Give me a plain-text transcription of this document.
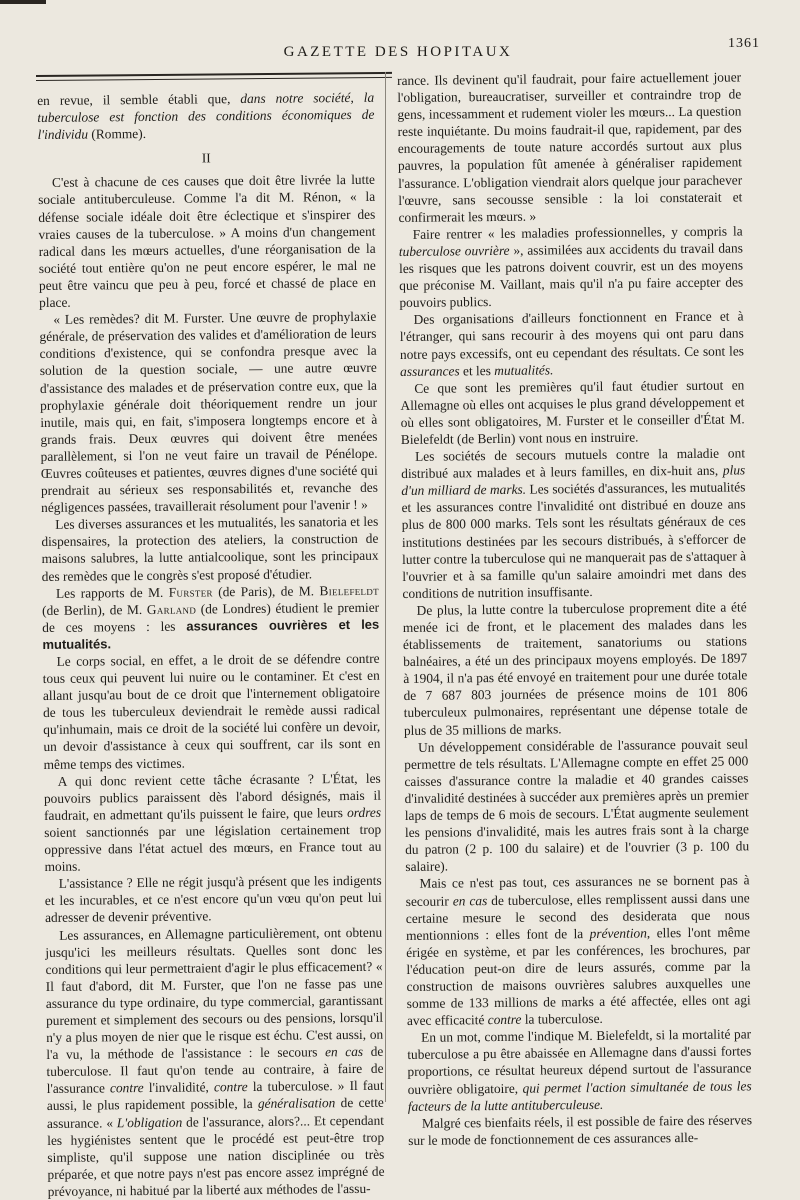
GAZETTE DES HOPITAUX
1361

en revue, il semble établi que, dans notre société, la tuberculose est fonction des conditions économiques de l'individu (Romme).

II

C'est à chacune de ces causes que doit être livrée la lutte sociale antituberculeuse. Comme l'a dit M. Rénon, « la défense sociale idéale doit être éclectique et s'inspirer des vraies causes de la tuberculose. » A moins d'un changement radical dans les mœurs actuelles, d'une réorganisation de la société tout entière qu'on ne peut encore espérer, le mal ne peut être vaincu que peu à peu, forcé et chassé de place en place.

« Les remèdes? dit M. Furster. Une œuvre de prophylaxie générale, de préservation des valides et d'amélioration de leurs conditions d'existence, qui se confondra presque avec la solution de la question sociale, — une autre œuvre d'assistance des malades et de préservation contre eux, que la prophylaxie générale doit théoriquement rendre un jour inutile, mais qui, en fait, s'imposera longtemps encore et à grands frais. Deux œuvres qui doivent être menées parallèlement, si l'on ne veut faire un travail de Pénélope. Œuvres coûteuses et patientes, œuvres dignes d'une société qui prendrait au sérieux ses responsabilités et, revanche des négligences passées, travaillerait résolument pour l'avenir ! »

Les diverses assurances et les mutualités, les sanatoria et les dispensaires, la protection des ateliers, la construction de maisons salubres, la lutte antialcoolique, sont les principaux des remèdes que le congrès s'est proposé d'étudier.

Les rapports de M. Furster (de Paris), de M. Bielefeldt (de Berlin), de M. Garland (de Londres) étudient le premier de ces moyens : les assurances ouvrières et les mutualités.

Le corps social, en effet, a le droit de se défendre contre tous ceux qui peuvent lui nuire ou le contaminer. Et c'est en allant jusqu'au bout de ce droit que l'internement obligatoire de tous les tuberculeux deviendrait le remède aussi radical qu'inhumain, mais ce droit de la société lui confère un devoir, un devoir d'assistance à ceux qui souffrent, car ils sont en même temps des victimes.

A qui donc revient cette tâche écrasante ? L'État, les pouvoirs publics paraissent dès l'abord désignés, mais il faudrait, en admettant qu'ils puissent le faire, que leurs ordres soient sanctionnés par une législation certainement trop oppressive dans l'état actuel des mœurs, en France tout au moins.

L'assistance ? Elle ne régit jusqu'à présent que les indigents et les incurables, et ce n'est encore qu'un vœu qu'on peut lui adresser de devenir préventive.

Les assurances, en Allemagne particulièrement, ont obtenu jusqu'ici les meilleurs résultats. Quelles sont donc les conditions qui leur permettraient d'agir le plus efficacement? « Il faut d'abord, dit M. Furster, que l'on ne fasse pas une assurance du type ordinaire, du type commercial, garantissant purement et simplement des secours ou des pensions, lorsqu'il n'y a plus moyen de nier que le risque est échu. C'est aussi, on l'a vu, la méthode de l'assistance : le secours en cas de tuberculose. Il faut qu'on tende au contraire, à faire de l'assurance contre l'invalidité, contre la tuberculose. » Il faut aussi, le plus rapidement possible, la généralisation de cette assurance. « L'obligation de l'assurance, alors?... Et cependant les hygiénistes sentent que le procédé est peut-être trop simpliste, qu'il suppose une nation disciplinée ou très préparée, et que notre pays n'est pas encore assez imprégné de prévoyance, ni habitué par la liberté aux méthodes de l'assu-

rance. Ils devinent qu'il faudrait, pour faire actuellement jouer l'obligation, bureaucratiser, surveiller et contraindre trop de gens, incessamment et rudement violer les mœurs... La question reste inquiétante. Du moins faudrait-il que, rapidement, par des encouragements de toute nature accordés surtout aux plus pauvres, la population fût amenée à généraliser rapidement l'assurance. L'obligation viendrait alors quelque jour parachever l'œuvre, sans secousse sensible : la loi constaterait et confirmerait les mœurs. »

Faire rentrer « les maladies professionnelles, y compris la tuberculose ouvrière », assimilées aux accidents du travail dans les risques que les patrons doivent couvrir, est un des moyens que préconise M. Vaillant, mais qu'il n'a pu faire accepter des pouvoirs publics.

Des organisations d'ailleurs fonctionnent en France et à l'étranger, qui sans recourir à des moyens qui ont paru dans notre pays excessifs, ont eu cependant des résultats. Ce sont les assurances et les mutualités.

Ce que sont les premières qu'il faut étudier surtout en Allemagne où elles ont acquises le plus grand développement et où elles sont obligatoires, M. Furster et le conseiller d'État M. Bielefeldt (de Berlin) vont nous en instruire.

Les sociétés de secours mutuels contre la maladie ont distribué aux malades et à leurs familles, en dix-huit ans, plus d'un milliard de marks. Les sociétés d'assurances, les mutualités et les assurances contre l'invalidité ont distribué en douze ans plus de 800 000 marks. Tels sont les résultats généraux de ces institutions destinées par les secours distribués, à s'efforcer de lutter contre la tuberculose qui ne manquerait pas de s'attaquer à l'ouvrier et à sa famille qu'un salaire amoindri met dans des conditions de nutrition insuffisante.

De plus, la lutte contre la tuberculose proprement dite a été menée ici de front, et le placement des malades dans les établissements de traitement, sanatoriums ou stations balnéaires, a été un des principaux moyens employés. De 1897 à 1904, il n'a pas été envoyé en traitement pour une durée totale de 7 687 803 journées de présence moins de 101 806 tuberculeux pulmonaires, représentant une dépense totale de plus de 35 millions de marks.

Un développement considérable de l'assurance pouvait seul permettre de tels résultats. L'Allemagne compte en effet 25 000 caisses d'assurance contre la maladie et 40 grandes caisses d'invalidité destinées à succéder aux premières après un premier laps de temps de 6 mois de secours. L'État augmente seulement les pensions d'invalidité, mais les autres frais sont à la charge du patron (2 p. 100 du salaire) et de l'ouvrier (3 p. 100 du salaire).

Mais ce n'est pas tout, ces assurances ne se bornent pas à secourir en cas de tuberculose, elles remplissent aussi dans une certaine mesure le second des desiderata que nous mentionnions : elles font de la prévention, elles l'ont même érigée en système, et par les conférences, les brochures, par l'éducation peut-on dire de leurs assurés, comme par la construction de maisons ouvrières salubres auxquelles une somme de 133 millions de marks a été affectée, elles ont agi avec efficacité contre la tuberculose.

En un mot, comme l'indique M. Bielefeldt, si la mortalité par tuberculose a pu être abaissée en Allemagne dans d'aussi fortes proportions, ce résultat heureux dépend surtout de l'assurance ouvrière obligatoire, qui permet l'action simultanée de tous les facteurs de la lutte antituberculeuse.

Malgré ces bienfaits réels, il est possible de faire des réserves sur le mode de fonctionnement de ces assurances alle-
